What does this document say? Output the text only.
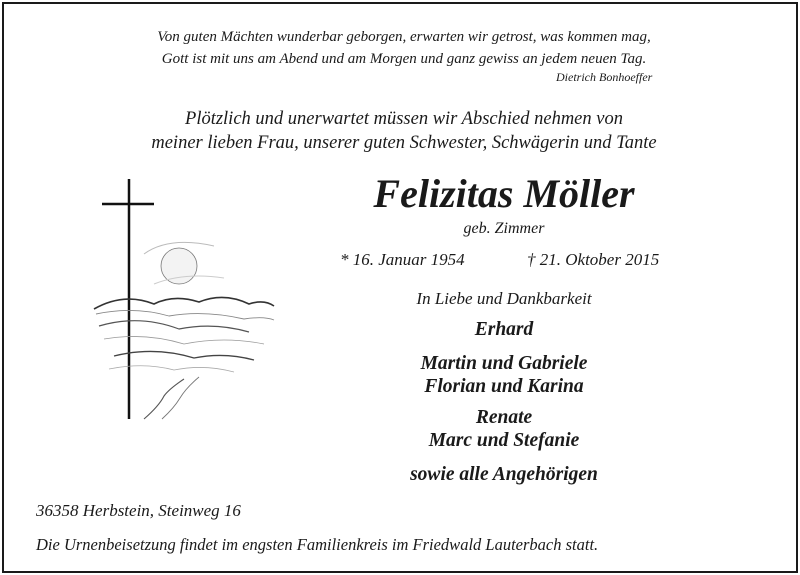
Von guten Mächten wunderbar geborgen, erwarten wir getrost, was kommen mag,
Gott ist mit uns am Abend und am Morgen und ganz gewiss an jedem neuen Tag.
Dietrich Bonhoeffer
Plötzlich und unerwartet müssen wir Abschied nehmen von
meiner lieben Frau, unserer guten Schwester, Schwägerin und Tante
Felizitas Möller
geb. Zimmer
* 16. Januar 1954	† 21. Oktober 2015
In Liebe und Dankbarkeit
Erhard
Martin und Gabriele
Florian und Karina
Renate
Marc und Stefanie
sowie alle Angehörigen
36358 Herbstein, Steinweg 16
Die Urnenbeisetzung findet im engsten Familienkreis im Friedwald Lauterbach statt.
